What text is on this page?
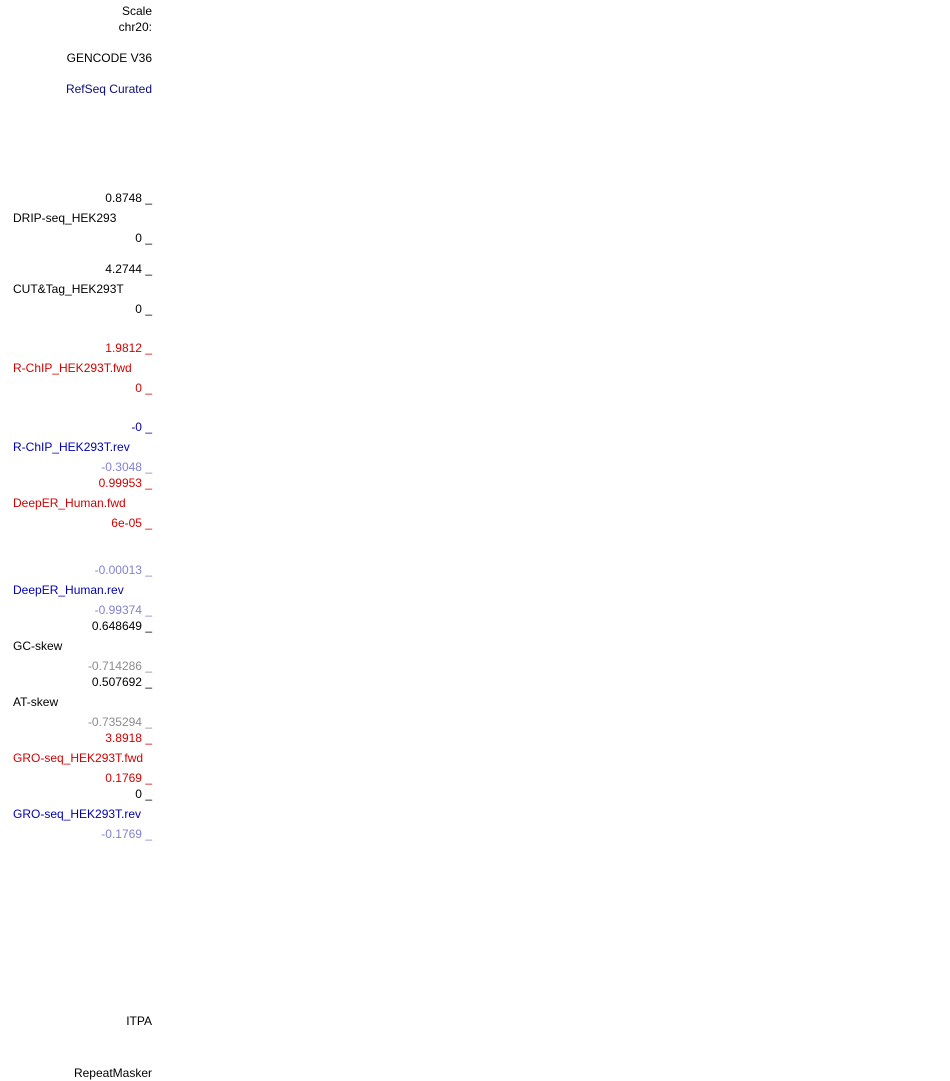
Scale
chr20:
GENCODE V36
RefSeq Curated
0.8748 _
DRIP-seq_HEK293
0 _
4.2744 _
CUT&Tag_HEK293T
0 _
1.9812 _
R-ChIP_HEK293T.fwd
0 _
-0 _
R-ChIP_HEK293T.rev
-0.3048 _
0.99953 _
DeepER_Human.fwd
6e-05 _
-0.00013 _
DeepER_Human.rev
-0.99374 _
0.648649 _
GC-skew
-0.714286 _
0.507692 _
AT-skew
-0.735294 _
3.8918 _
GRO-seq_HEK293T.fwd
0.1769 _
0 _
GRO-seq_HEK293T.rev
-0.1769 _
ITPA
RepeatMasker
